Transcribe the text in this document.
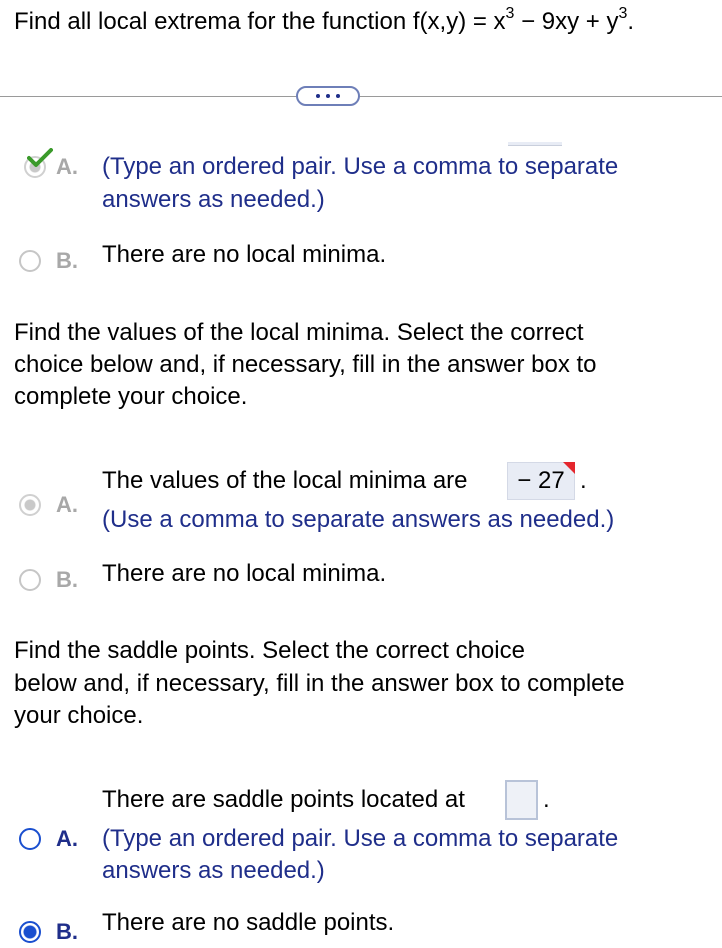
Find all local extrema for the function $f(x,y) = x^3 - 9xy + y^3$.
A. (Type an ordered pair. Use a comma to separate
answers as needed.)
B. There are no local minima.
Find the values of the local minima. Select the correct
choice below and, if necessary, fill in the answer box to
complete your choice.
The values of the local minima are	− 27 .
A.
(Use a comma to separate answers as needed.)
B. There are no local minima.
Find the saddle points. Select the correct choice
below and, if necessary, fill in the answer box to complete
your choice.
There are saddle points located at	.
A. (Type an ordered pair. Use a comma to separate
answers as needed.)
B. There are no saddle points.
